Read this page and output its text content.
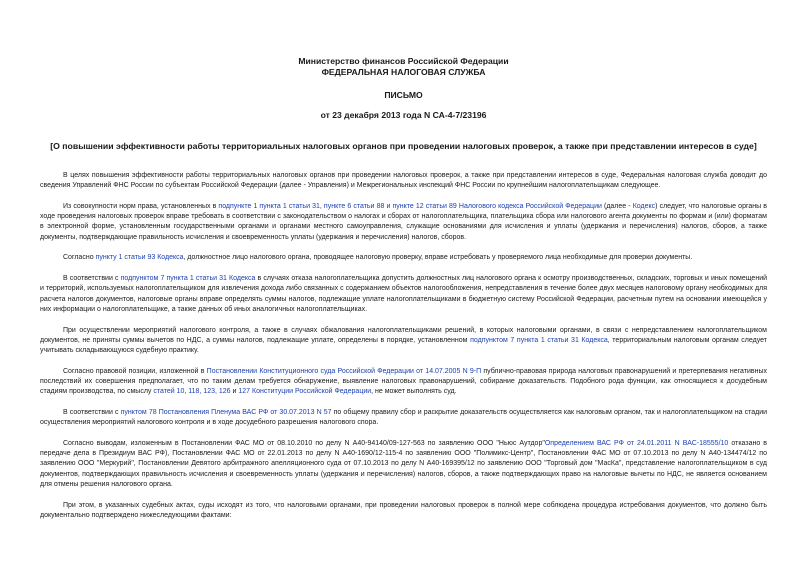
Министерство финансов Российской Федерации
ФЕДЕРАЛЬНАЯ НАЛОГОВАЯ СЛУЖБА
ПИСЬМО
от 23 декабря 2013 года N СА-4-7/23196
[О повышении эффективности работы территориальных налоговых органов при проведении налоговых проверок, а также при представлении интересов в суде]

В целях повышения эффективности работы территориальных налоговых органов при проведении налоговых проверок, а также при представлении интересов в суде, Федеральная налоговая служба доводит до сведения Управлений ФНС России по субъектам Российской Федерации (далее - Управления) и Межрегиональных инспекций ФНС России по крупнейшим налогоплательщикам следующее.

Из совокупности норм права, установленных в подпункте 1 пункта 1 статьи 31, пункте 6 статьи 88 и пункте 12 статьи 89 Налогового кодекса Российской Федерации (далее - Кодекс) следует, что налоговые органы в ходе проведения налоговых проверок вправе требовать в соответствии с законодательством о налогах и сборах от налогоплательщика, плательщика сбора или налогового агента документы по формам и (или) форматам в электронной форме, установленным государственными органами и органами местного самоуправления, служащие основаниями для исчисления и уплаты (удержания и перечисления) налогов, сборов, а также документы, подтверждающие правильность исчисления и своевременность уплаты (удержания и перечисления) налогов, сборов.

Согласно пункту 1 статьи 93 Кодекса, должностное лицо налогового органа, проводящее налоговую проверку, вправе истребовать у проверяемого лица необходимые для проверки документы.

В соответствии с подпунктом 7 пункта 1 статьи 31 Кодекса в случаях отказа налогоплательщика допустить должностных лиц налогового органа к осмотру производственных, складских, торговых и иных помещений и территорий, используемых налогоплательщиком для извлечения дохода либо связанных с содержанием объектов налогообложения, непредставления в течение более двух месяцев налоговому органу необходимых для расчета налогов документов, налоговые органы вправе определять суммы налогов, подлежащие уплате налогоплательщиками в бюджетную систему Российской Федерации, расчетным путем на основании имеющейся у них информации о налогоплательщике, а также данных об иных аналогичных налогоплательщиках.

При осуществлении мероприятий налогового контроля, а также в случаях обжалования налогоплательщиками решений, в которых налоговыми органами, в связи с непредставлением налогоплательщиком документов, не приняты суммы вычетов по НДС, а суммы налогов, подлежащие уплате, определены в порядке, установленном подпунктом 7 пункта 1 статьи 31 Кодекса, территориальным налоговым органам следует учитывать складывающуюся судебную практику.

Согласно правовой позиции, изложенной в Постановлении Конституционного суда Российской Федерации от 14.07.2005 N 9-П публично-правовая природа налоговых правонарушений и претерпевания негативных последствий их совершения предполагает, что по таким делам требуется обнаружение, выявление налоговых правонарушений, собирание доказательств. Подобного рода функции, как относящиеся к досудебным стадиям производства, по смыслу статей 10, 118, 123, 126 и 127 Конституции Российской Федерации, не может выполнять суд.

В соответствии с пунктом 78 Постановления Пленума ВАС РФ от 30.07.2013 N 57 по общему правилу сбор и раскрытие доказательств осуществляется как налоговым органом, так и налогоплательщиком на стадии осуществления мероприятий налогового контроля и в ходе досудебного разрешения налогового спора.

Согласно выводам, изложенным в Постановлении ФАС МО от 08.10.2010 по делу N А40-94140/09-127-563 по заявлению ООО "Ньюс Аутдор"Определением ВАС РФ от 24.01.2011 N ВАС-18555/10 отказано в передаче дела в Президиум ВАС РФ), Постановлении ФАС МО от 22.01.2013 по делу N А40-1690/12-115-4 по заявлению ООО "Полимикс-Центр", Постановлении ФАС МО от 07.10.2013 по делу N А40-134474/12 по заявлению ООО "Меркурий", Постановлении Девятого арбитражного апелляционного суда от 07.10.2013 по делу N А40-169395/12 по заявлению ООО "Торговый дом "МасКа", представление налогоплательщиком в суд документов, подтверждающих правильность исчисления и своевременность уплаты (удержания и перечисления) налогов, сборов, а также подтверждающих право на налоговые вычеты по НДС, не является основанием для отмены решения налогового органа.

При этом, в указанных судебных актах, суды исходят из того, что налоговыми органами, при проведении налоговых проверок в полной мере соблюдена процедура истребования документов, что должно быть документально подтверждено нижеследующими фактами:
